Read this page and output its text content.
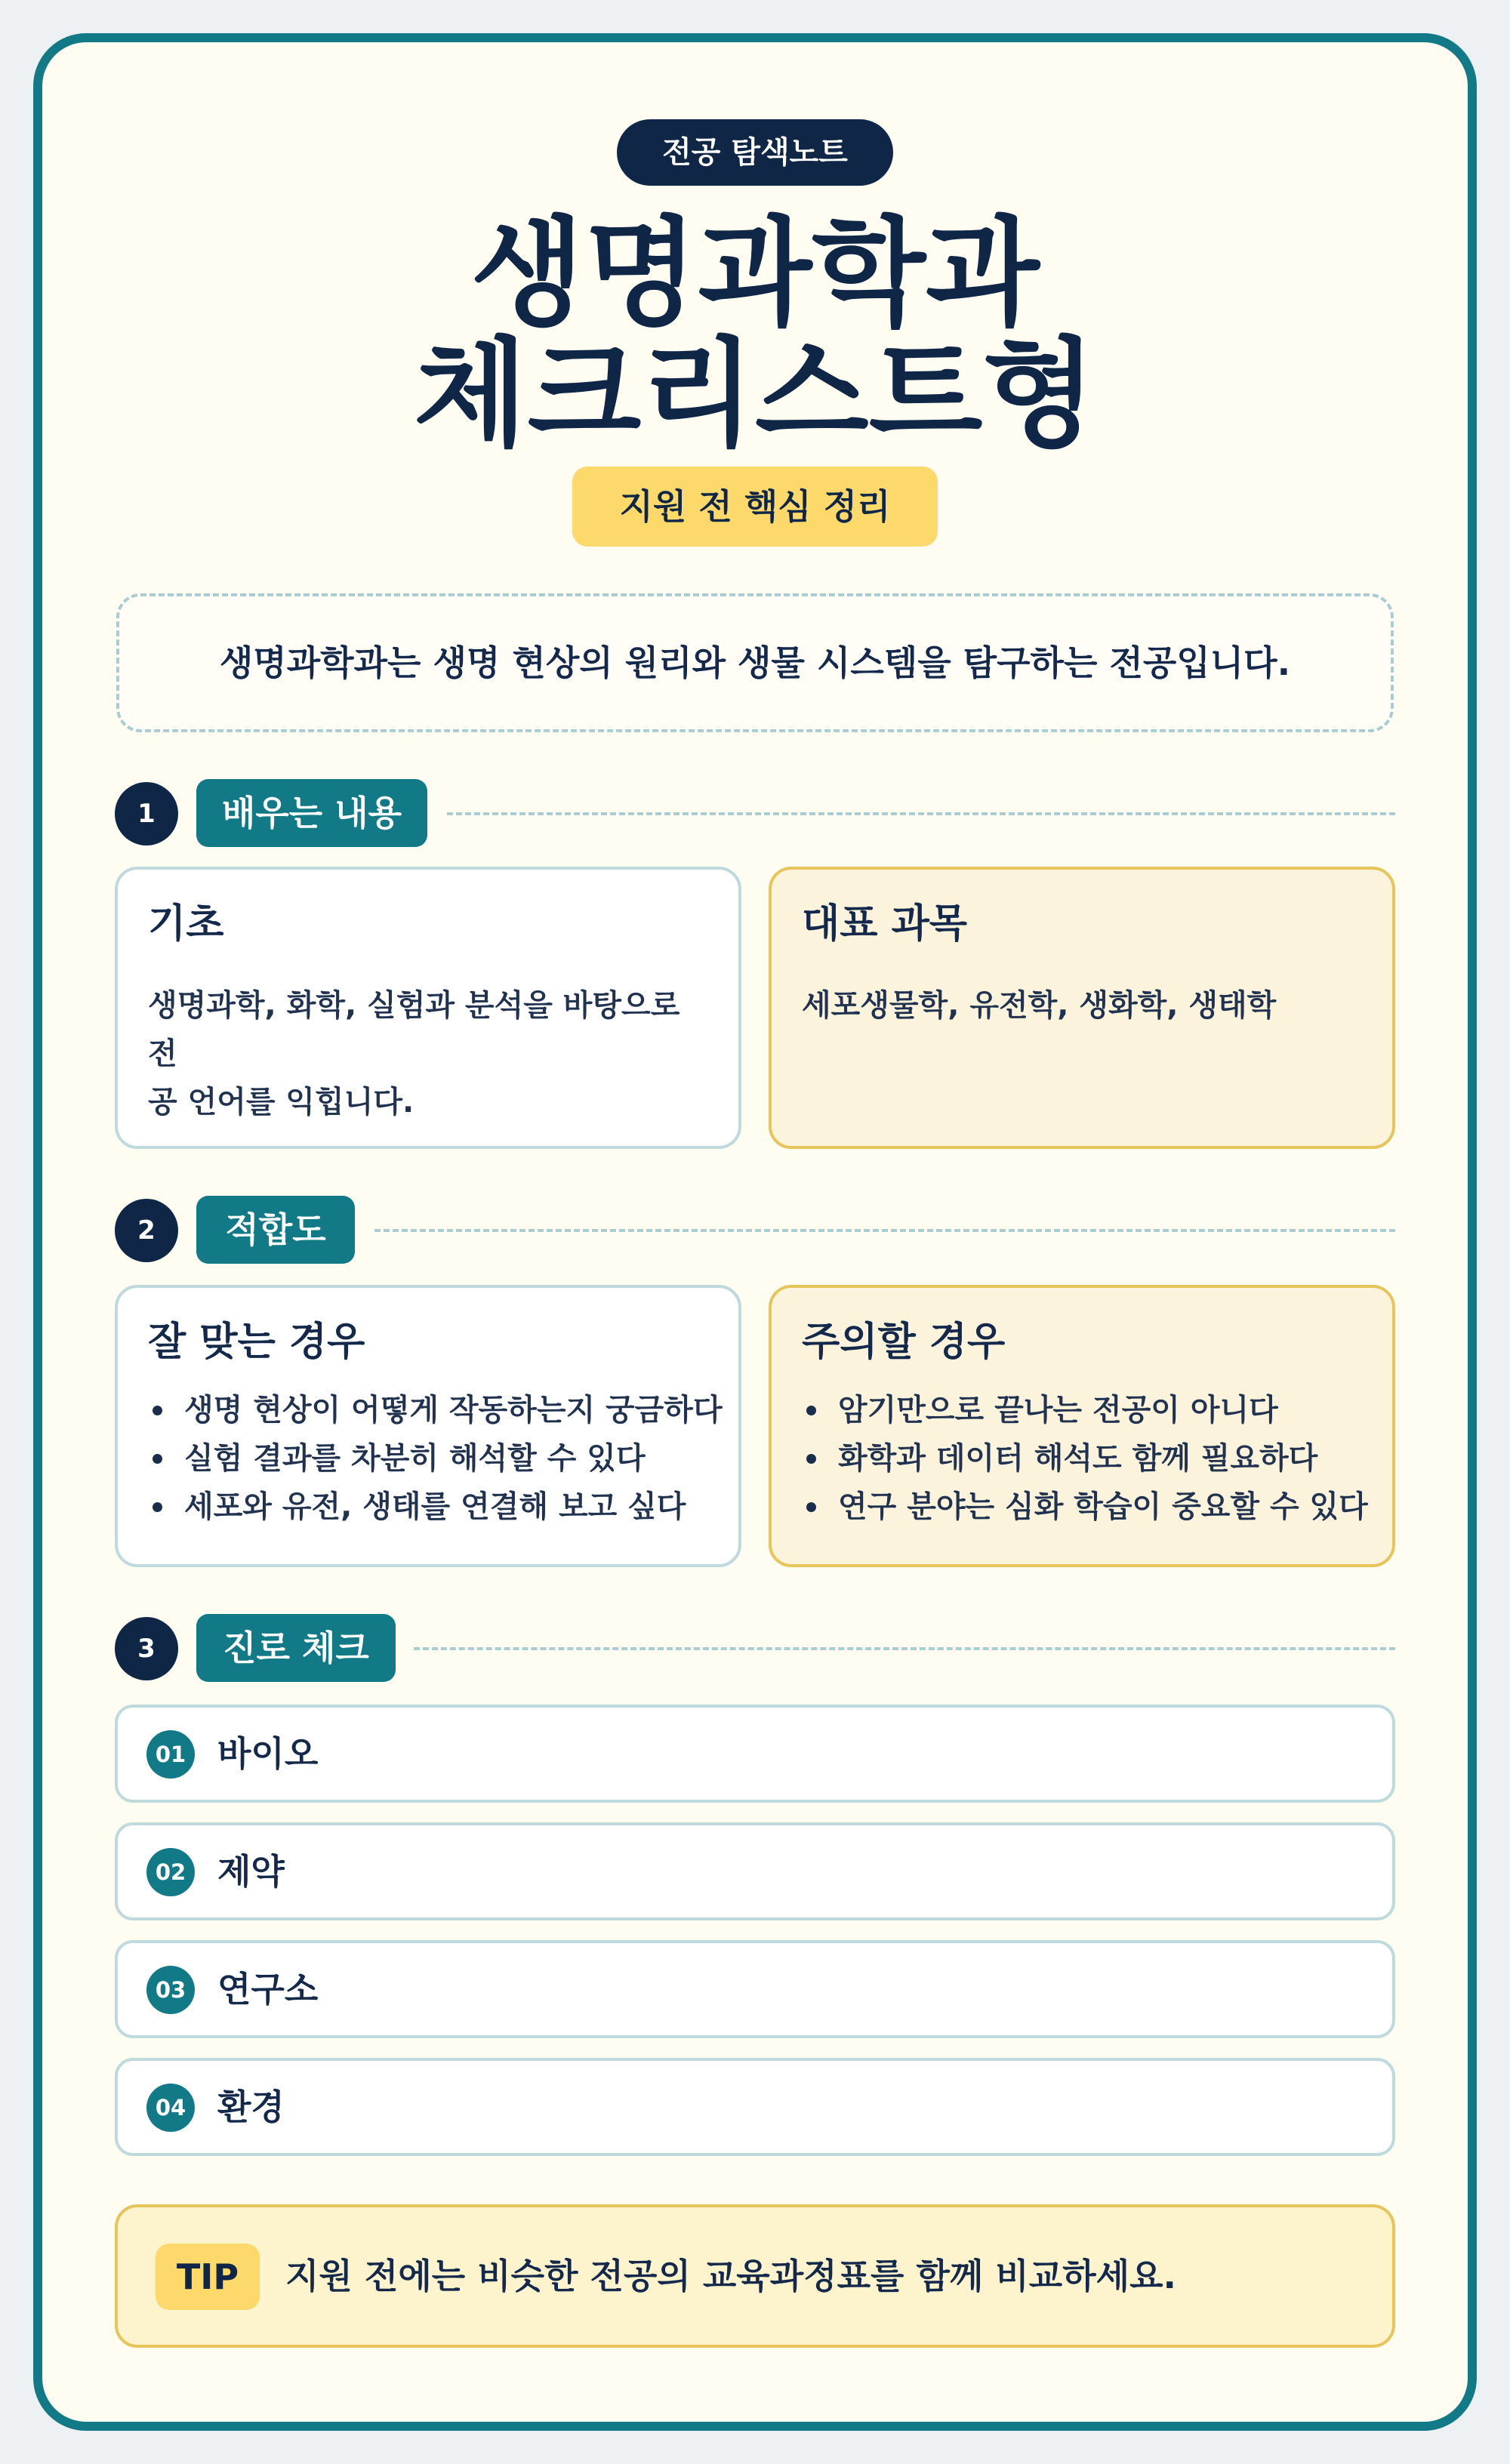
전공 탐색노트
생명과학과
체크리스트형
지원 전 핵심 정리
생명과학과는 생명 현상의 원리와 생물 시스템을 탐구하는 전공입니다.
1	배우는 내용
기초

생명과학, 화학, 실험과 분석을 바탕으로 전

공 언어를 익힙니다.

대표 과목

세포생물학, 유전학, 생화학, 생태학

2	적합도
잘 맞는 경우
생명 현상이 어떻게 작동하는지 궁금하다
실험 결과를 차분히 해석할 수 있다
세포와 유전, 생태를 연결해 보고 싶다
주의할 경우
암기만으로 끝나는 전공이 아니다
화학과 데이터 해석도 함께 필요하다
연구 분야는 심화 학습이 중요할 수 있다
3	진로 체크
01 바이오
02 제약
03 연구소
04 환경
TIP	지원 전에는 비슷한 전공의 교육과정표를 함께 비교하세요.
